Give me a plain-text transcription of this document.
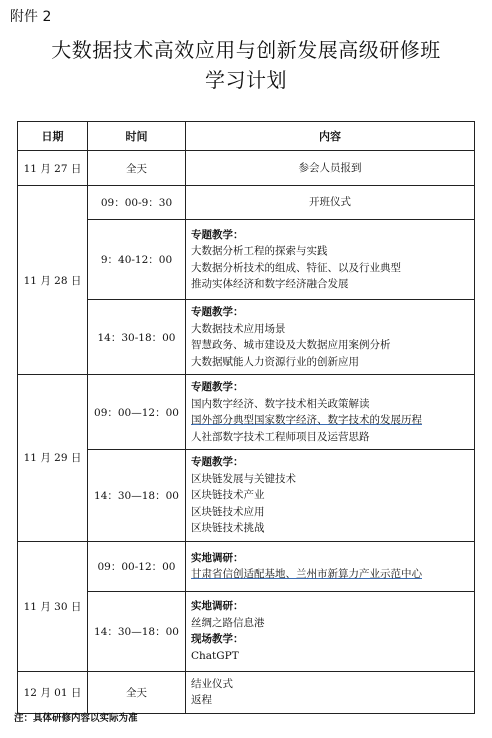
附件 2
大数据技术高效应用与创新发展高级研修班
学习计划
日期	时间	内容
11 月 27 日	全天	参会人员报到
11 月 28 日	09：00-9：30	开班仪式
	9：40-12：00	专题教学：
大数据分析工程的探索与实践
大数据分析技术的组成、特征、以及行业典型
推动实体经济和数字经济融合发展

	14：30-18：00	专题教学：
大数据技术应用场景
智慧政务、城市建设及大数据应用案例分析
大数据赋能人力资源行业的创新应用

11 月 29 日	09：00—12：00	专题教学：
国内数字经济、数字技术相关政策解读
国外部分典型国家数字经济、数字技术的发展历程
人社部数字技术工程师项目及运营思路

	14：30—18：00	专题教学：
区块链发展与关键技术
区块链技术产业
区块链技术应用
区块链技术挑战

11 月 30 日	09：00-12：00	实地调研：
甘肃省信创适配基地、兰州市新算力产业示范中心

	14：30—18：00	实地调研：
丝绸之路信息港
现场教学：
ChatGPT

12 月 01 日	全天	结业仪式
返程
注：具体研修内容以实际为准
